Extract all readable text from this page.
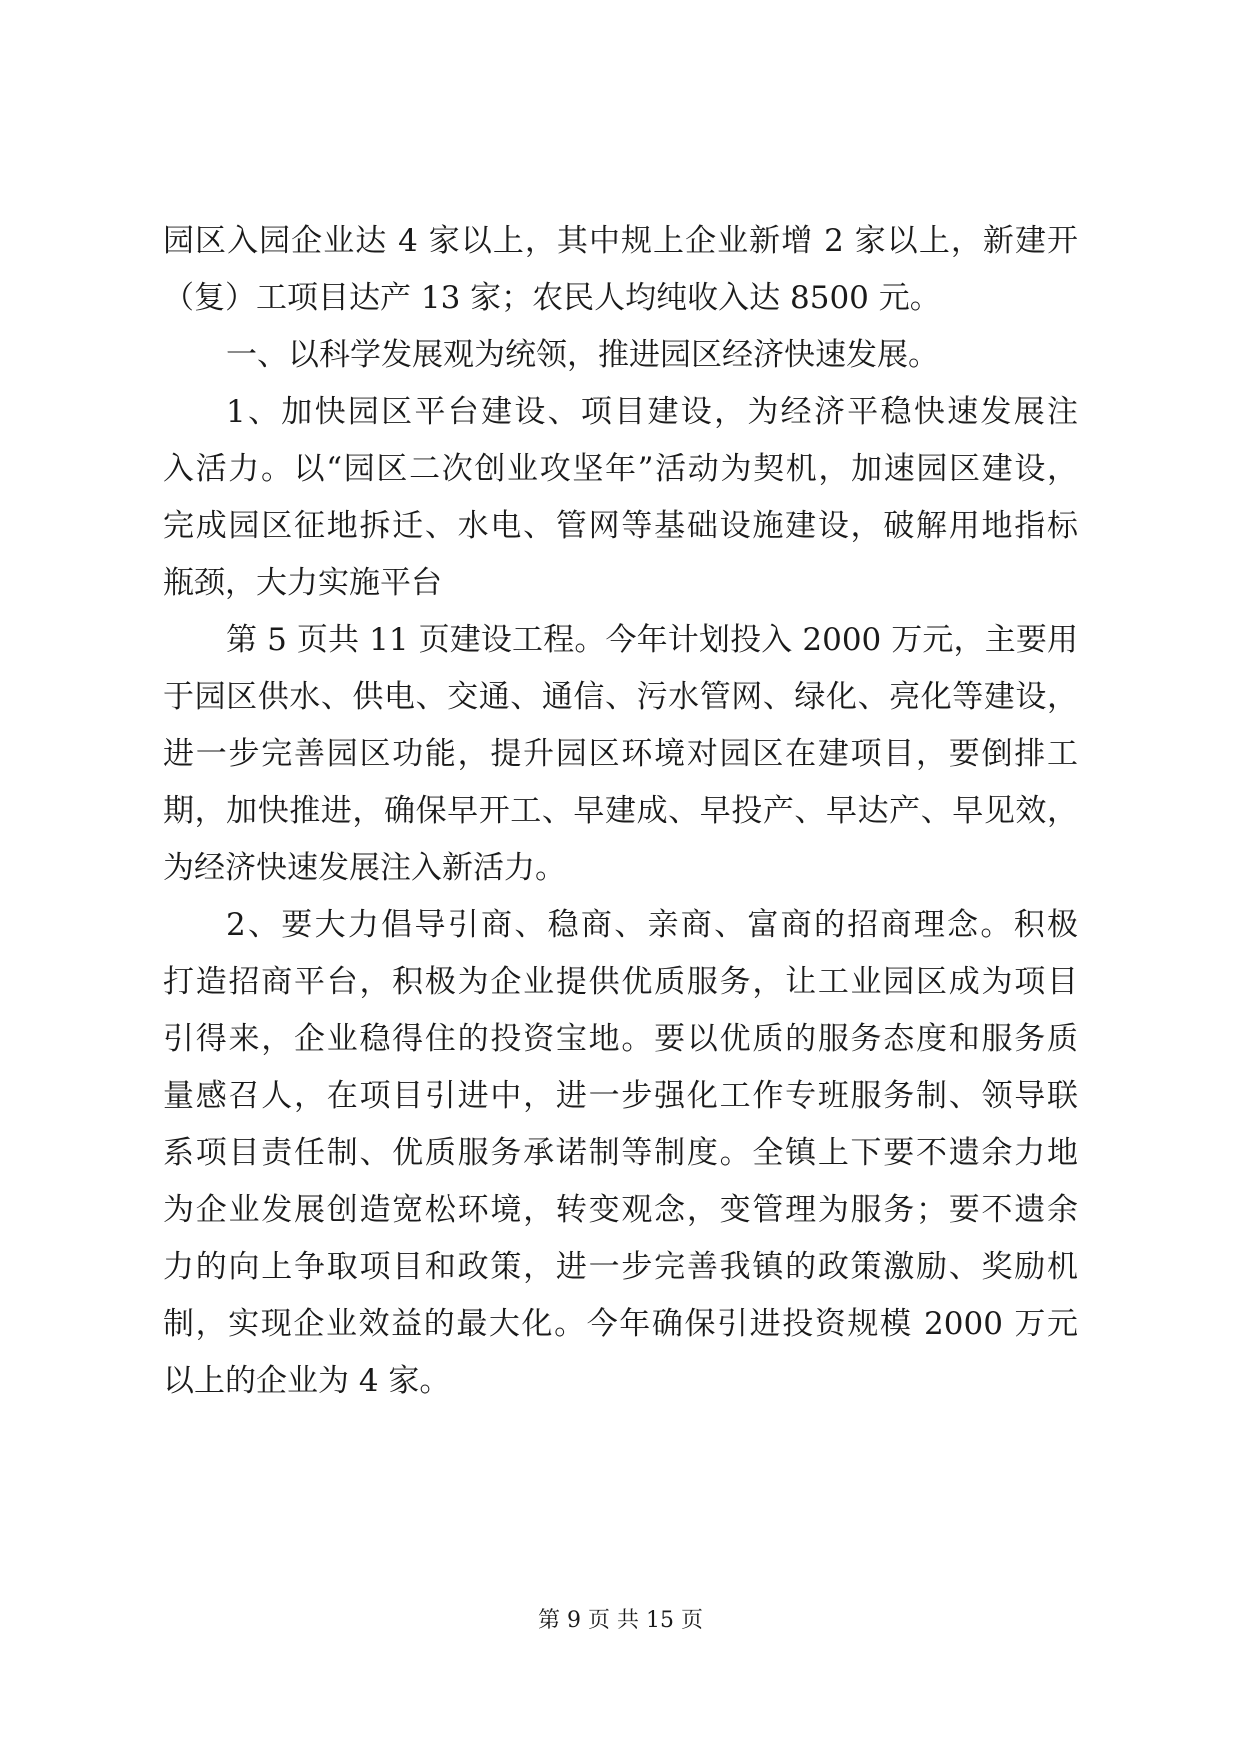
园区入园企业达 4 家以上，其中规上企业新增 2 家以上，新建开
（复）工项目达产 13 家；农民人均纯收入达 8500 元。
一、以科学发展观为统领，推进园区经济快速发展。
1、加快园区平台建设、项目建设，为经济平稳快速发展注
入活力。以“园区二次创业攻坚年”活动为契机，加速园区建设，
完成园区征地拆迁、水电、管网等基础设施建设，破解用地指标
瓶颈，大力实施平台
第 5 页共 11 页建设工程。今年计划投入 2000 万元，主要用
于园区供水、供电、交通、通信、污水管网、绿化、亮化等建设，
进一步完善园区功能，提升园区环境对园区在建项目，要倒排工
期，加快推进，确保早开工、早建成、早投产、早达产、早见效，
为经济快速发展注入新活力。
2、要大力倡导引商、稳商、亲商、富商的招商理念。积极
打造招商平台，积极为企业提供优质服务，让工业园区成为项目
引得来，企业稳得住的投资宝地。要以优质的服务态度和服务质
量感召人，在项目引进中，进一步强化工作专班服务制、领导联
系项目责任制、优质服务承诺制等制度。全镇上下要不遗余力地
为企业发展创造宽松环境，转变观念，变管理为服务；要不遗余
力的向上争取项目和政策，进一步完善我镇的政策激励、奖励机
制，实现企业效益的最大化。今年确保引进投资规模 2000 万元
以上的企业为 4 家。
第 9 页 共 15 页
